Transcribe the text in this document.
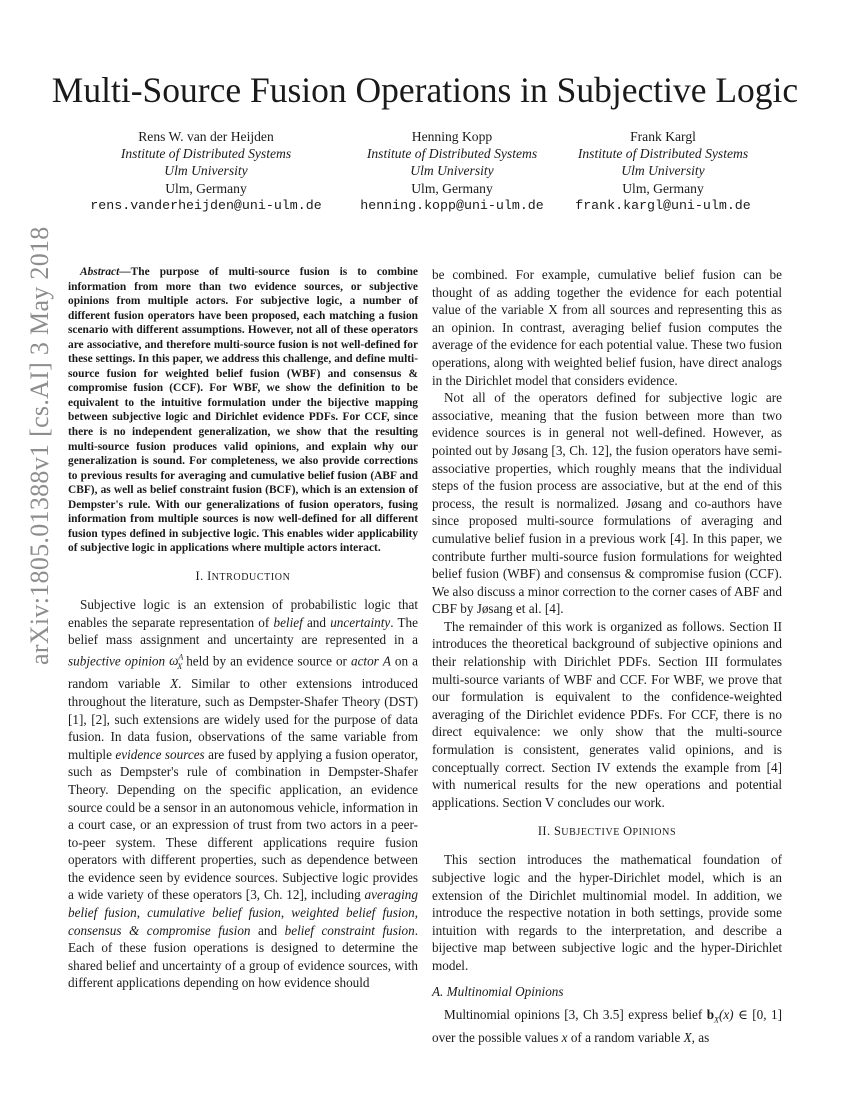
Multi-Source Fusion Operations in Subjective Logic
arXiv:1805.01388v1 [cs.AI] 3 May 2018
Rens W. van der Heijden
Institute of Distributed Systems
Ulm University
Ulm, Germany
rens.vanderheijden@uni-ulm.de
Henning Kopp
Institute of Distributed Systems
Ulm University
Ulm, Germany
henning.kopp@uni-ulm.de
Frank Kargl
Institute of Distributed Systems
Ulm University
Ulm, Germany
frank.kargl@uni-ulm.de

Abstract—The purpose of multi-source fusion is to combine information from more than two evidence sources, or subjective opinions from multiple actors. For subjective logic, a number of different fusion operators have been proposed, each matching a fusion scenario with different assumptions. However, not all of these operators are associative, and therefore multi-source fusion is not well-defined for these settings. In this paper, we address this challenge, and define multi-source fusion for weighted belief fusion (WBF) and consensus & compromise fusion (CCF). For WBF, we show the definition to be equivalent to the intuitive formulation under the bijective mapping between subjective logic and Dirichlet evidence PDFs. For CCF, since there is no independent generalization, we show that the resulting multi-source fusion produces valid opinions, and explain why our generalization is sound. For completeness, we also provide corrections to previous results for averaging and cumulative belief fusion (ABF and CBF), as well as belief constraint fusion (BCF), which is an extension of Dempster's rule. With our generalizations of fusion operators, fusing information from multiple sources is now well-defined for all different fusion types defined in subjective logic. This enables wider applicability of subjective logic in applications where multiple actors interact.

I. INTRODUCTION

Subjective logic is an extension of probabilistic logic that enables the separate representation of belief and uncertainty. The belief mass assignment and uncertainty are represented in a subjective opinion $\omega^A_X$ held by an evidence source or actor A on a random variable X. Similar to other extensions introduced throughout the literature, such as Dempster-Shafer Theory (DST) [1], [2], such extensions are widely used for the purpose of data fusion. In data fusion, observations of the same variable from multiple evidence sources are fused by applying a fusion operator, such as Dempster's rule of combination in Dempster-Shafer Theory. Depending on the specific application, an evidence source could be a sensor in an autonomous vehicle, information in a court case, or an expression of trust from two actors in a peer-to-peer system. These different applications require fusion operators with different properties, such as dependence between the evidence seen by evidence sources. Subjective logic provides a wide variety of these operators [3, Ch. 12], including averaging belief fusion, cumulative belief fusion, weighted belief fusion, consensus & compromise fusion and belief constraint fusion. Each of these fusion operations is designed to determine the shared belief and uncertainty of a group of evidence sources, with different applications depending on how evidence should

be combined. For example, cumulative belief fusion can be thought of as adding together the evidence for each potential value of the variable X from all sources and representing this as an opinion. In contrast, averaging belief fusion computes the average of the evidence for each potential value. These two fusion operations, along with weighted belief fusion, have direct analogs in the Dirichlet model that considers evidence.

Not all of the operators defined for subjective logic are associative, meaning that the fusion between more than two evidence sources is in general not well-defined. However, as pointed out by Jøsang [3, Ch. 12], the fusion operators have semi-associative properties, which roughly means that the individual steps of the fusion process are associative, but at the end of this process, the result is normalized. Jøsang and co-authors have since proposed multi-source formulations of averaging and cumulative belief fusion in a previous work [4]. In this paper, we contribute further multi-source fusion formulations for weighted belief fusion (WBF) and consensus & compromise fusion (CCF). We also discuss a minor correction to the corner cases of ABF and CBF by Jøsang et al. [4].

The remainder of this work is organized as follows. Section II introduces the theoretical background of subjective opinions and their relationship with Dirichlet PDFs. Section III formulates multi-source variants of WBF and CCF. For WBF, we prove that our formulation is equivalent to the confidence-weighted averaging of the Dirichlet evidence PDFs. For CCF, there is no direct equivalence: we only show that the multi-source formulation is consistent, generates valid opinions, and is conceptually correct. Section IV extends the example from [4] with numerical results for the new operations and potential applications. Section V concludes our work.

II. SUBJECTIVE OPINIONS

This section introduces the mathematical foundation of subjective logic and the hyper-Dirichlet model, which is an extension of the Dirichlet multinomial model. In addition, we introduce the respective notation in both settings, provide some intuition with regards to the interpretation, and describe a bijective map between subjective logic and the hyper-Dirichlet model.

A. Multinomial Opinions

Multinomial opinions [3, Ch 3.5] express belief $b_X(x)$ ∈ [0, 1] over the possible values x of a random variable X, as
